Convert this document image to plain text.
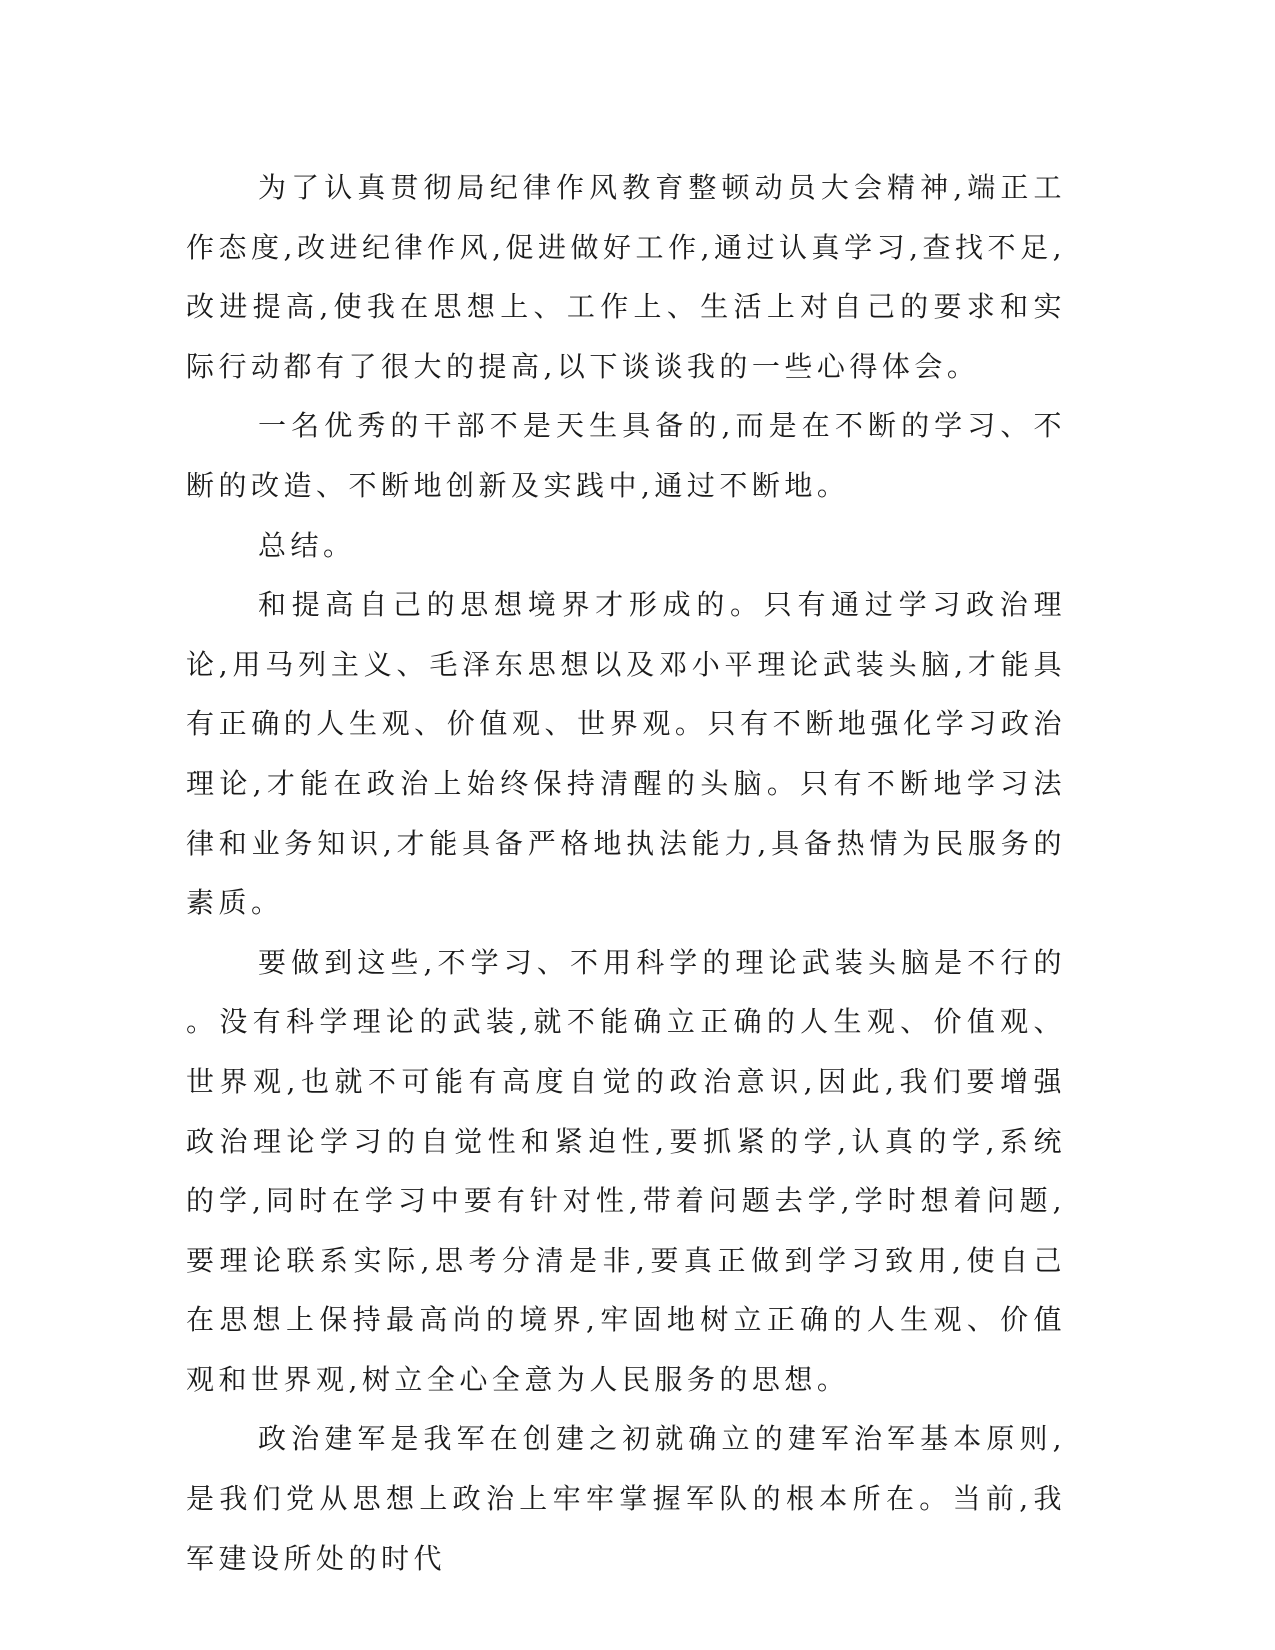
为了认真贯彻局纪律作风教育整顿动员大会精神,端正工作态度,改进纪律作风,促进做好工作,通过认真学习,查找不足,改进提高,使我在思想上、工作上、生活上对自己的要求和实际行动都有了很大的提高,以下谈谈我的一些心得体会。

一名优秀的干部不是天生具备的,而是在不断的学习、不断的改造、不断地创新及实践中,通过不断地。

总结。

和提高自己的思想境界才形成的。只有通过学习政治理论,用马列主义、毛泽东思想以及邓小平理论武装头脑,才能具有正确的人生观、价值观、世界观。只有不断地强化学习政治理论,才能在政治上始终保持清醒的头脑。只有不断地学习法律和业务知识,才能具备严格地执法能力,具备热情为民服务的素质。

要做到这些,不学习、不用科学的理论武装头脑是不行的。没有科学理论的武装,就不能确立正确的人生观、价值观、世界观,也就不可能有高度自觉的政治意识,因此,我们要增强政治理论学习的自觉性和紧迫性,要抓紧的学,认真的学,系统的学,同时在学习中要有针对性,带着问题去学,学时想着问题,要理论联系实际,思考分清是非,要真正做到学习致用,使自己在思想上保持最高尚的境界,牢固地树立正确的人生观、价值观和世界观,树立全心全意为人民服务的思想。

政治建军是我军在创建之初就确立的建军治军基本原则,是我们党从思想上政治上牢牢掌握军队的根本所在。当前,我军建设所处的时代
